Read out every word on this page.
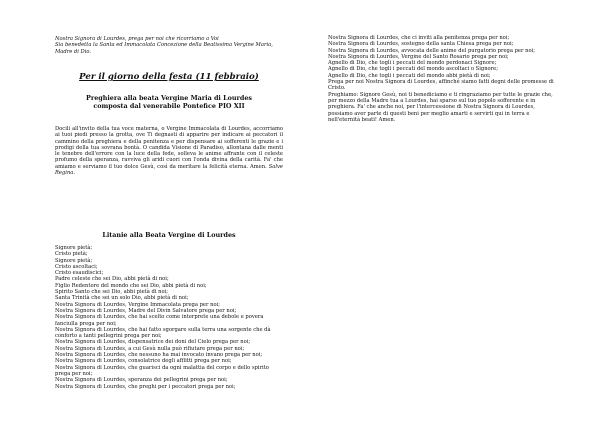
Nostra Signora di Lourdes, prega per noi che ricorriamo a Voi

Sia benedetta la Santa ed Immacolata Concezione della Beatissima Vergine Maria,

Madre di Dio.

Per il giorno della festa (11 febbraio)
Preghiera alla beata Vergine Maria di Lourdes composta dal venerabile Pontefice PIO XII
Docili all'invito della tua voce materna, o Vergine Immacolata di Lourdes, accorriamo ai tuoi piedi presso la grotta, ove Ti degnasti di apparire per indicare ai peccatori il cammino della preghiera e della penitenza e per dispensare ai sofferenti le grazie e i prodigi della tua sovrana bontà. O candida Visione di Paradiso, allontana dalle menti le tenebre dell'errore con la luce della fede, solleva le anime affrante con il celeste profumo della speranza, ravviva gli aridi cuori con l'onda divina della carità. Fa' che amiamo e serviamo il tuo dolce Gesù, così da meritare la felicità eterna. Amen. Salve Regina.
Litanie alla Beata Vergine di Lourdes

Signore pietà;

Cristo pietà;

Signore pietà;

Cristo ascoltaci;

Cristo esaudiscici;

Padre celeste che sei Dio, abbi pietà di noi;

Figlio Redentore del mondo che sei Dio, abbi pietà di noi;

Spirito Santo che sei Dio, abbi pietà di noi;

Santa Trinità che sei un solo Dio, abbi pietà di noi;

Nostra Signora di Lourdes, Vergine Immacolata prega per noi;

Nostra Signora di Lourdes, Madre del Divin Salvatore prega per noi;

Nostra Signora di Lourdes, che hai scelto come interprete una debole e povera fanciulla prega per noi;

Nostra Signora di Lourdes, che hai fatto sgorgare sulla terra una sorgente che dà conforto a tanti pellegrini prega per noi;

Nostra Signora di Lourdes, dispensatrice dei doni del Cielo prega per noi;

Nostra Signora di Lourdes, a cui Gesù nulla può rifiutare prega per noi;

Nostra Signora di Lourdes, che nessuno ha mai invocato invano prega per noi;

Nostra Signora di Lourdes, consolatrice degli afflitti prega per noi;

Nostra Signora di Lourdes, che guarisci da ogni malattia del corpo e dello spirito prega per noi;

Nostra Signora di Lourdes, speranza dei pellegrini prega per noi;

Nostra Signora di Lourdes, che preghi per i peccatori prega per noi;

Nostra Signora di Lourdes, che ci inviti alla penitenza prega per noi;

Nostra Signora di Lourdes, sostegno della santa Chiesa prega per noi;

Nostra Signora di Lourdes, avvocata delle anime del purgatorio prega per noi;

Nostra Signora di Lourdes, Vergine del Santo Rosario prega per noi;

Agnello di Dio, che togli i peccati del mondo perdonaci Signore;

Agnello di Dio, che togli i peccati del mondo ascoltaci o Signore;

Agnello di Dio, che togli i peccati del mondo abbi pietà di noi;

Prega per noi Nostra Signora di Lourdes, affinché siamo fatti degni delle promesse di Cristo.

Preghiamo: Signore Gesù, noi ti benediciamo e ti ringraziamo per tutte le grazie che, per mezzo della Madre tua a Lourdes, hai sparso sul tuo popolo sofferente e in preghiera. Fa' che anche noi, per l'intercessione di Nostra Signora di Lourdes, possiamo aver parte di questi beni per meglio amarti e servirti qui in terra e nell'eternità beati! Amen.
